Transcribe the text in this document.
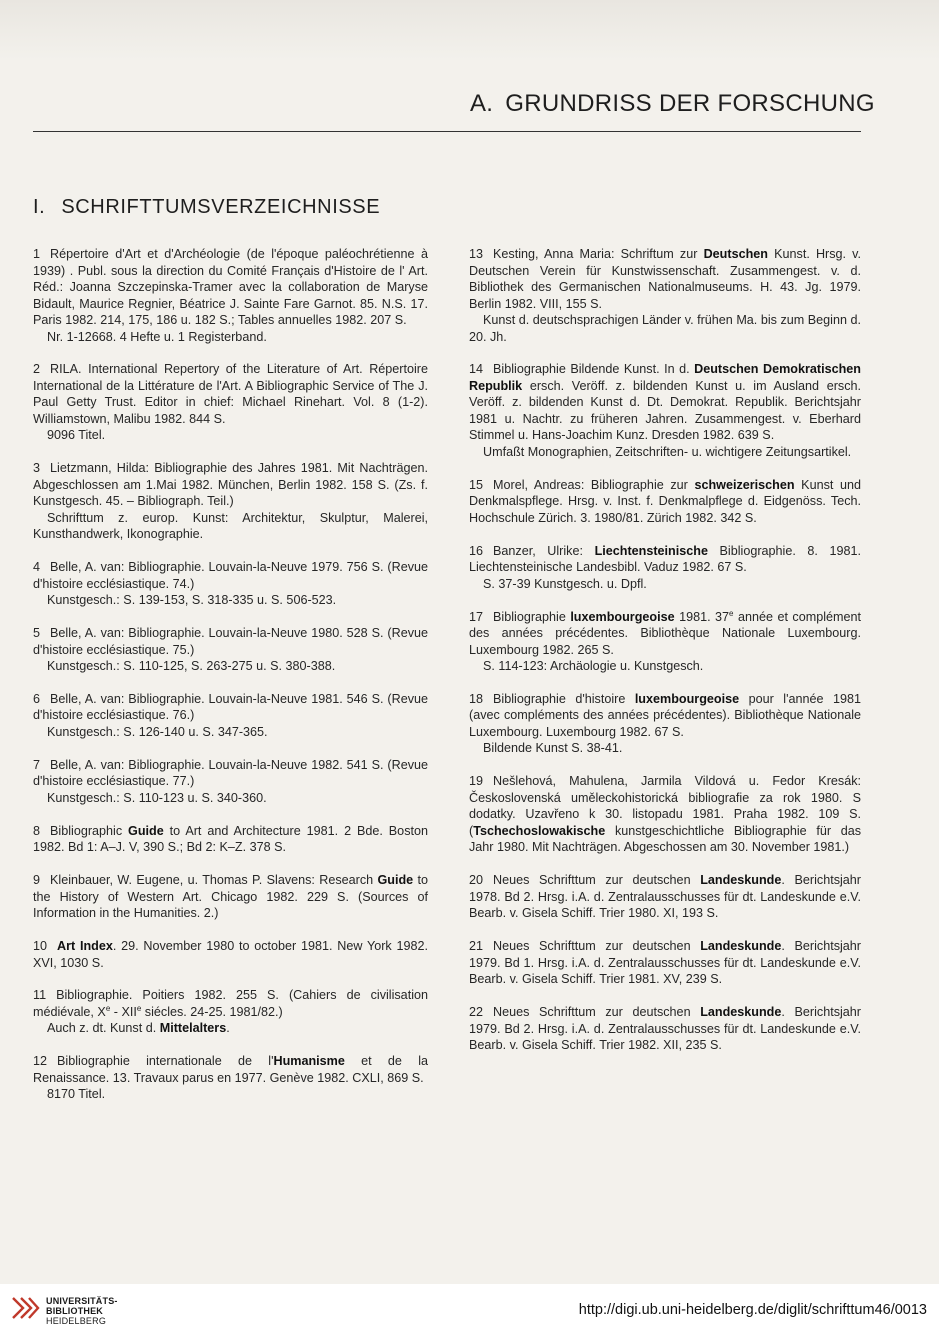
A. GRUNDRISS DER FORSCHUNG
I. SCHRIFTTUMSVERZEICHNISSE

1 Répertoire d'Art et d'Archéologie (de l'époque paléochrétienne à 1939) . Publ. sous la direction du Comité Français d'Histoire de l' Art. Réd.: Joanna Szczepinska-Tramer avec la collaboration de Maryse Bidault, Maurice Regnier, Béatrice J. Sainte Fare Garnot. 85. N.S. 17. Paris 1982. 214, 175, 186 u. 182 S.; Tables annuelles 1982. 207 S.

Nr. 1-12668. 4 Hefte u. 1 Registerband.

2 RILA. International Repertory of the Literature of Art. Répertoire International de la Littérature de l'Art. A Bibliographic Service of The J. Paul Getty Trust. Editor in chief: Michael Rinehart. Vol. 8 (1-2). Williamstown, Malibu 1982. 844 S.

9096 Titel.

3 Lietzmann, Hilda: Bibliographie des Jahres 1981. Mit Nachträgen. Abgeschlossen am 1.Mai 1982. München, Berlin 1982. 158 S. (Zs. f. Kunstgesch. 45. – Bibliograph. Teil.)

Schrifttum z. europ. Kunst: Architektur, Skulptur, Malerei, Kunsthandwerk, Ikonographie.

4 Belle, A. van: Bibliographie. Louvain-la-Neuve 1979. 756 S. (Revue d'histoire ecclésiastique. 74.)

Kunstgesch.: S. 139-153, S. 318-335 u. S. 506-523.

5 Belle, A. van: Bibliographie. Louvain-la-Neuve 1980. 528 S. (Revue d'histoire ecclésiastique. 75.)

Kunstgesch.: S. 110-125, S. 263-275 u. S. 380-388.

6 Belle, A. van: Bibliographie. Louvain-la-Neuve 1981. 546 S. (Revue d'histoire ecclésiastique. 76.)

Kunstgesch.: S. 126-140 u. S. 347-365.

7 Belle, A. van: Bibliographie. Louvain-la-Neuve 1982. 541 S. (Revue d'histoire ecclésiastique. 77.)

Kunstgesch.: S. 110-123 u. S. 340-360.

8 Bibliographic Guide to Art and Architecture 1981. 2 Bde. Boston 1982. Bd 1: A–J. V, 390 S.; Bd 2: K–Z. 378 S.

9 Kleinbauer, W. Eugene, u. Thomas P. Slavens: Research Guide to the History of Western Art. Chicago 1982. 229 S. (Sources of Information in the Humanities. 2.)

10 Art Index. 29. November 1980 to october 1981. New York 1982. XVI, 1030 S.

11 Bibliographie. Poitiers 1982. 255 S. (Cahiers de civilisation médiévale, Xe - XIIe siécles. 24-25. 1981/82.)

Auch z. dt. Kunst d. Mittelalters.

12 Bibliographie internationale de l'Humanisme et de la Renaissance. 13. Travaux parus en 1977. Genève 1982. CXLI, 869 S.

8170 Titel.

13 Kesting, Anna Maria: Schriftum zur Deutschen Kunst. Hrsg. v. Deutschen Verein für Kunstwissenschaft. Zusammengest. v. d. Bibliothek des Germanischen Nationalmuseums. H. 43. Jg. 1979. Berlin 1982. VIII, 155 S.

Kunst d. deutschsprachigen Länder v. frühen Ma. bis zum Beginn d. 20. Jh.

14 Bibliographie Bildende Kunst. In d. Deutschen Demokratischen Republik ersch. Veröff. z. bildenden Kunst u. im Ausland ersch. Veröff. z. bildenden Kunst d. Dt. Demokrat. Republik. Berichtsjahr 1981 u. Nachtr. zu früheren Jahren. Zusammengest. v. Eberhard Stimmel u. Hans-Joachim Kunz. Dresden 1982. 639 S.

Umfaßt Monographien, Zeitschriften- u. wichtigere Zeitungsartikel.

15 Morel, Andreas: Bibliographie zur schweizerischen Kunst und Denkmalspflege. Hrsg. v. Inst. f. Denkmalpflege d. Eidgenöss. Tech. Hochschule Zürich. 3. 1980/81. Zürich 1982. 342 S.

16 Banzer, Ulrike: Liechtensteinische Bibliographie. 8. 1981. Liechtensteinische Landesbibl. Vaduz 1982. 67 S.

S. 37-39 Kunstgesch. u. Dpfl.

17 Bibliographie luxembourgeoise 1981. 37e année et complément des années précédentes. Bibliothèque Nationale Luxembourg. Luxembourg 1982. 265 S.

S. 114-123: Archäologie u. Kunstgesch.

18 Bibliographie d'histoire luxembourgeoise pour l'année 1981 (avec compléments des années précédentes). Bibliothèque Nationale Luxembourg. Luxembourg 1982. 67 S.

Bildende Kunst S. 38-41.

19 Nešlehová, Mahulena, Jarmila Vildová u. Fedor Kresák: Československá uměleckohistorická bibliografie za rok 1980. S dodatky. Uzavřeno k 30. listopadu 1981. Praha 1982. 109 S. (Tschechoslowakische kunstgeschichtliche Bibliographie für das Jahr 1980. Mit Nachträgen. Abgeschossen am 30. November 1981.)

20 Neues Schrifttum zur deutschen Landeskunde. Berichtsjahr 1978. Bd 2. Hrsg. i.A. d. Zentralausschusses für dt. Landeskunde e.V. Bearb. v. Gisela Schiff. Trier 1980. XI, 193 S.

21 Neues Schrifttum zur deutschen Landeskunde. Berichtsjahr 1979. Bd 1. Hrsg. i.A. d. Zentralausschusses für dt. Landeskunde e.V. Bearb. v. Gisela Schiff. Trier 1981. XV, 239 S.

22 Neues Schrifttum zur deutschen Landeskunde. Berichtsjahr 1979. Bd 2. Hrsg. i.A. d. Zentralausschusses für dt. Landeskunde e.V. Bearb. v. Gisela Schiff. Trier 1982. XII, 235 S.

UNIVERSITÄTS-
BIBLIOTHEK
HEIDELBERG
http://digi.ub.uni-heidelberg.de/diglit/schrifttum46/0013
